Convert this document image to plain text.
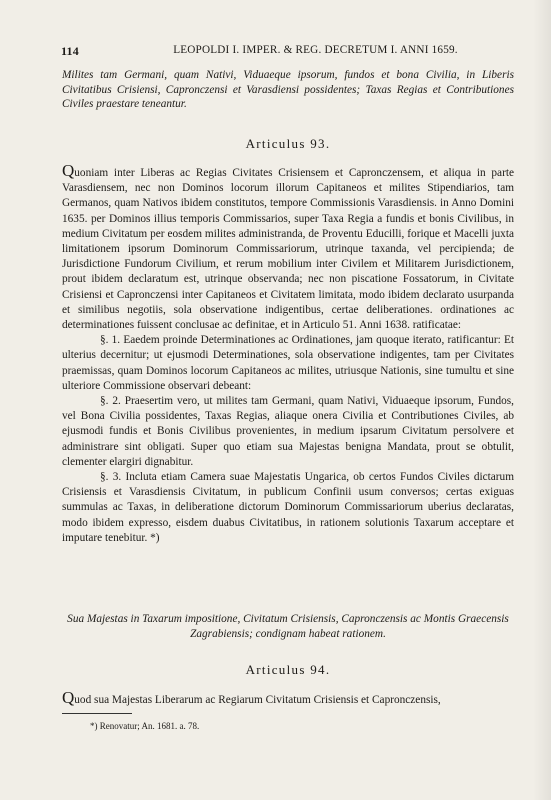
114	LEOPOLDI I. IMPER. & REG. DECRETUM I. ANNI 1659.
Milites tam Germani, quam Nativi, Viduaeque ipsorum, fundos et bona Civilia, in Liberis Civitatibus Crisiensi, Capronczensi et Varasdiensi possidentes; Taxas Regias et Contributiones Civiles praestare teneantur.
Articulus 93.

Quoniam inter Liberas ac Regias Civitates Crisiensem et Capronczensem, et aliqua in parte Varasdiensem, nec non Dominos locorum illorum Capitaneos et milites Stipendiarios, tam Germanos, quam Nativos ibidem constitutos, tempore Commissionis Varasdiensis. in Anno Domini 1635. per Dominos illius temporis Commissarios, super Taxa Regia a fundis et bonis Civilibus, in medium Civitatum per eosdem milites administranda, de Proventu Educilli, forique et Macelli juxta limitationem ipsorum Dominorum Commissariorum, utrinque taxanda, vel percipienda; de Jurisdictione Fundorum Civilium, et rerum mobilium inter Civilem et Militarem Jurisdictionem, prout ibidem declaratum est, utrinque observanda; nec non piscatione Fossatorum, in Civitate Crisiensi et Capronczensi inter Capitaneos et Civitatem limitata, modo ibidem declarato usurpanda et similibus negotiis, sola observatione indigentibus, certae deliberationes. ordinationes ac determinationes fuissent conclusae ac definitae, et in Articulo 51. Anni 1638. ratificatae:

§. 1. Eaedem proinde Determinationes ac Ordinationes, jam quoque iterato, ratificantur: Et ulterius decernitur; ut ejusmodi Determinationes, sola observatione indigentes, tam per Civitates praemissas, quam Dominos locorum Capitaneos ac milites, utriusque Nationis, sine tumultu et sine ulteriore Commissione observari debeant:

§. 2. Praesertim vero, ut milites tam Germani, quam Nativi, Viduaeque ipsorum, Fundos, vel Bona Civilia possidentes, Taxas Regias, aliaque onera Civilia et Contributiones Civiles, ab ejusmodi fundis et Bonis Civilibus provenientes, in medium ipsarum Civitatum persolvere et administrare sint obligati. Super quo etiam sua Majestas benigna Mandata, prout se obtulit, clementer elargiri dignabitur.

§. 3. Incluta etiam Camera suae Majestatis Ungarica, ob certos Fundos Civiles dictarum Crisiensis et Varasdiensis Civitatum, in publicum Confinii usum conversos; certas exiguas summulas ac Taxas, in deliberatione dictorum Dominorum Commissariorum uberius declaratas, modo ibidem expresso, eisdem duabus Civitatibus, in rationem solutionis Taxarum acceptare et imputare tenebitur. *)

Sua Majestas in Taxarum impositione, Civitatum Crisiensis, Capronczensis ac Montis Graecensis Zagrabiensis; condignam habeat rationem.
Articulus 94.
Quod sua Majestas Liberarum ac Regiarum Civitatum Crisiensis et Capronczensis,
*) Renovatur; An. 1681. a. 78.
